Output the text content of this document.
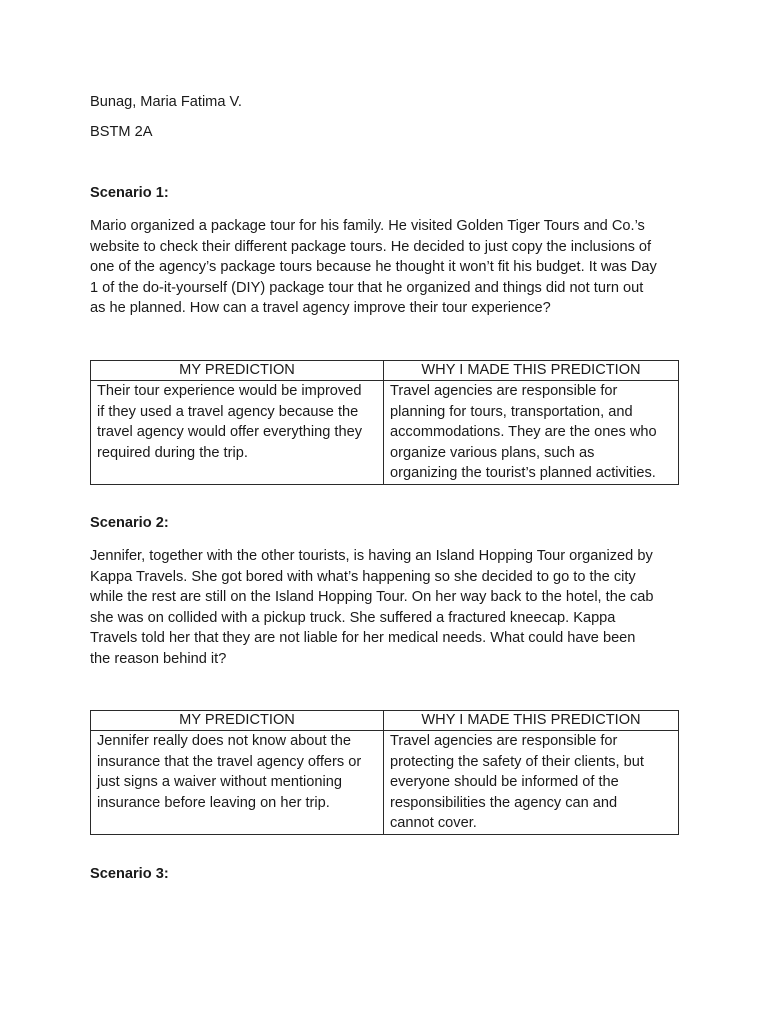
Bunag, Maria Fatima V.
BSTM 2A
Scenario 1:
Mario organized a package tour for his family. He visited Golden Tiger Tours and Co.’s
website to check their different package tours. He decided to just copy the inclusions of
one of the agency’s package tours because he thought it won’t fit his budget. It was Day
1 of the do-it-yourself (DIY) package tour that he organized and things did not turn out
as he planned. How can a travel agency improve their tour experience?
MY PREDICTION	WHY I MADE THIS PREDICTION

Their tour experience would be improved
if they used a travel agency because the
travel agency would offer everything they
required during the trip.	Travel agencies are responsible for
planning for tours, transportation, and
accommodations. They are the ones who
organize various plans, such as
organizing the tourist’s planned activities.
Scenario 2:
Jennifer, together with the other tourists, is having an Island Hopping Tour organized by
Kappa Travels. She got bored with what’s happening so she decided to go to the city
while the rest are still on the Island Hopping Tour. On her way back to the hotel, the cab
she was on collided with a pickup truck. She suffered a fractured kneecap. Kappa
Travels told her that they are not liable for her medical needs. What could have been
the reason behind it?
MY PREDICTION	WHY I MADE THIS PREDICTION

Jennifer really does not know about the
insurance that the travel agency offers or
just signs a waiver without mentioning
insurance before leaving on her trip.	Travel agencies are responsible for
protecting the safety of their clients, but
everyone should be informed of the
responsibilities the agency can and
cannot cover.
Scenario 3:
